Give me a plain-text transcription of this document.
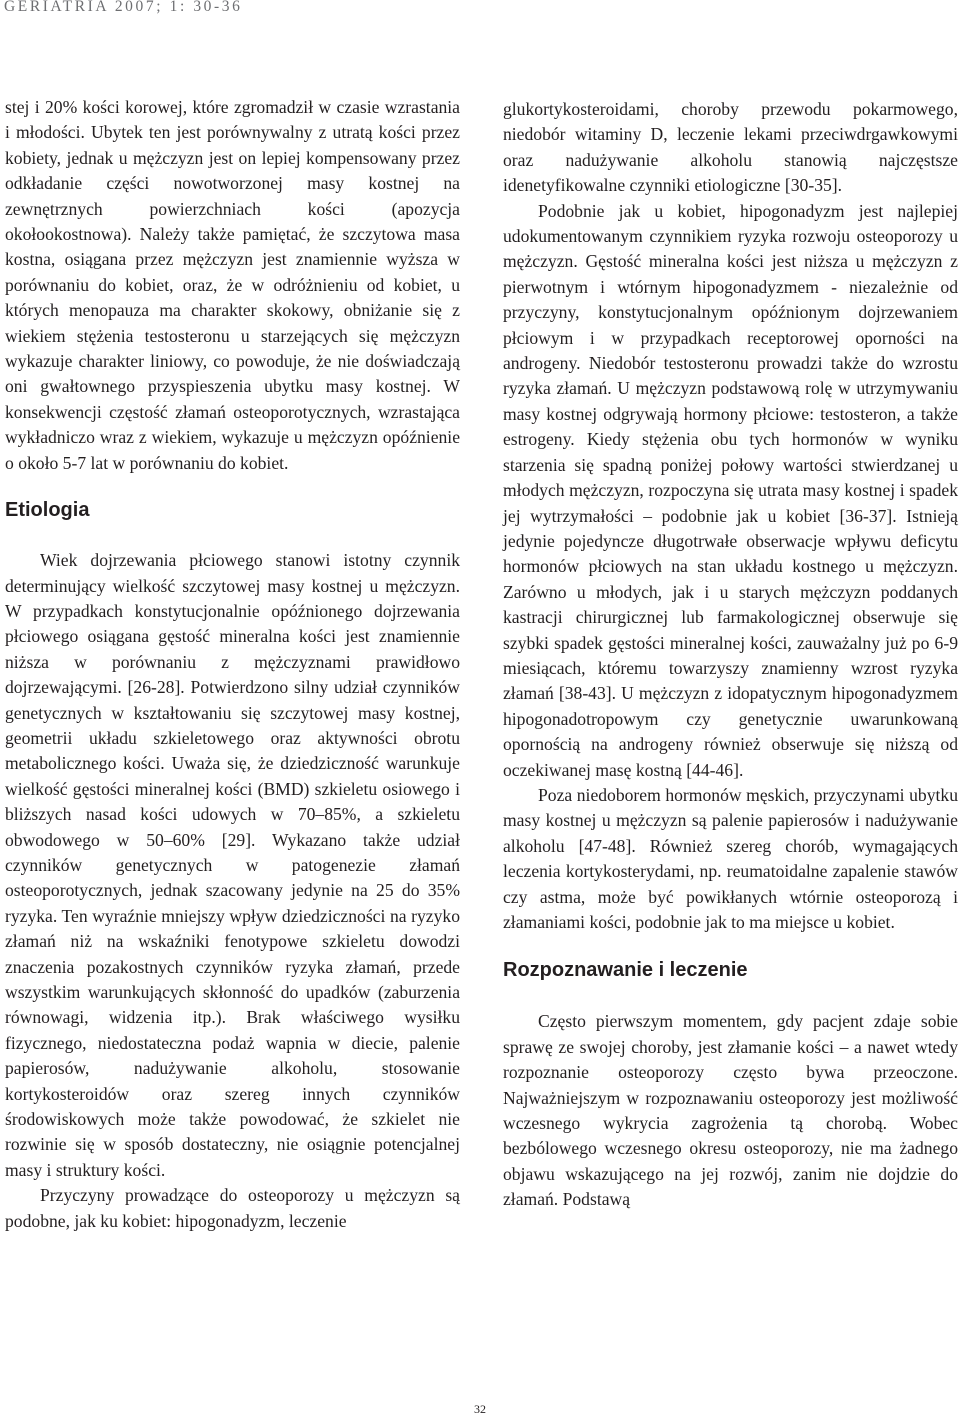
GERIATRIA 2007; 1: 30-36

stej i 20% kości korowej, które zgromadził w czasie wzrastania i młodości. Ubytek ten jest porównywalny z utratą kości przez kobiety, jednak u mężczyzn jest on lepiej kompensowany przez odkładanie części nowotworzonej masy kostnej na zewnętrznych powierzchniach kości (apozycja okołookostnowa). Należy także pamiętać, że szczytowa masa kostna, osiągana przez mężczyzn jest znamiennie wyższa w porównaniu do kobiet, oraz, że w odróżnieniu od kobiet, u których menopauza ma charakter skokowy, obniżanie się z wiekiem stężenia testosteronu u starzejących się mężczyzn wykazuje charakter liniowy, co powoduje, że nie doświadczają oni gwałtownego przyspieszenia ubytku masy kostnej. W konsekwencji częstość złamań osteoporotycznych, wzrastająca wykładniczo wraz z wiekiem, wykazuje u mężczyzn opóźnienie o około 5-7 lat w porównaniu do kobiet.

Etiologia

Wiek dojrzewania płciowego stanowi istotny czynnik determinujący wielkość szczytowej masy kostnej u mężczyzn. W przypadkach konstytucjonalnie opóźnionego dojrzewania płciowego osiągana gęstość mineralna kości jest znamiennie niższa w porównaniu z mężczyznami prawidłowo dojrzewającymi. [26-28]. Potwierdzono silny udział czynników genetycznych w kształtowaniu się szczytowej masy kostnej, geometrii układu szkieletowego oraz aktywności obrotu metabolicznego kości. Uważa się, że dziedziczność warunkuje wielkość gęstości mineralnej kości (BMD) szkieletu osiowego i bliższych nasad kości udowych w 70–85%, a szkieletu obwodowego w 50–60% [29]. Wykazano także udział czynników genetycznych w patogenezie złamań osteoporotycznych, jednak szacowany jedynie na 25 do 35% ryzyka. Ten wyraźnie mniejszy wpływ dziedziczności na ryzyko złamań niż na wskaźniki fenotypowe szkieletu dowodzi znaczenia pozakostnych czynników ryzyka złamań, przede wszystkim warunkujących skłonność do upadków (zaburzenia równowagi, widzenia itp.). Brak właściwego wysiłku fizycznego, niedostateczna podaż wapnia w diecie, palenie papierosów, nadużywanie alkoholu, stosowanie kortykosteroidów oraz szereg innych czynników środowiskowych może także powodować, że szkielet nie rozwinie się w sposób dostateczny, nie osiągnie potencjalnej masy i struktury kości.

Przyczyny prowadzące do osteoporozy u mężczyzn są podobne, jak ku kobiet: hipogonadyzm, leczenie

glukortykosteroidami, choroby przewodu pokarmowego, niedobór witaminy D, leczenie lekami przeciwdrgawkowymi oraz nadużywanie alkoholu stanowią najczęstsze idenetyfikowalne czynniki etiologiczne [30-35].

Podobnie jak u kobiet, hipogonadyzm jest najlepiej udokumentowanym czynnikiem ryzyka rozwoju osteoporozy u mężczyzn. Gęstość mineralna kości jest niższa u mężczyzn z pierwotnym i wtórnym hipogonadyzmem - niezależnie od przyczyny, konstytucjonalnym opóźnionym dojrzewaniem płciowym i w przypadkach receptorowej oporności na androgeny. Niedobór testosteronu prowadzi także do wzrostu ryzyka złamań. U mężczyzn podstawową rolę w utrzymywaniu masy kostnej odgrywają hormony płciowe: testosteron, a także estrogeny. Kiedy stężenia obu tych hormonów w wyniku starzenia się spadną poniżej połowy wartości stwierdzanej u młodych mężczyzn, rozpoczyna się utrata masy kostnej i spadek jej wytrzymałości – podobnie jak u kobiet [36-37]. Istnieją jedynie pojedyncze długotrwałe obserwacje wpływu deficytu hormonów płciowych na stan układu kostnego u mężczyzn. Zarówno u młodych, jak i u starych mężczyzn poddanych kastracji chirurgicznej lub farmakologicznej obserwuje się szybki spadek gęstości mineralnej kości, zauważalny już po 6-9 miesiącach, któremu towarzyszy znamienny wzrost ryzyka złamań [38-43]. U mężczyzn z idopatycznym hipogonadyzmem hipogonadotropowym czy genetycznie uwarunkowaną opornością na androgeny również obserwuje się niższą od oczekiwanej masę kostną [44-46].

Poza niedoborem hormonów męskich, przyczynami ubytku masy kostnej u mężczyzn są palenie papierosów i nadużywanie alkoholu [47-48]. Również szereg chorób, wymagających leczenia kortykosterydami, np. reumatoidalne zapalenie stawów czy astma, może być powikłanych wtórnie osteoporozą i złamaniami kości, podobnie jak to ma miejsce u kobiet.

Rozpoznawanie i leczenie

Często pierwszym momentem, gdy pacjent zdaje sobie sprawę ze swojej choroby, jest złamanie kości – a nawet wtedy rozpoznanie osteoporozy często bywa przeoczone. Najważniejszym w rozpoznawaniu osteoporozy jest możliwość wczesnego wykrycia zagrożenia tą chorobą. Wobec bezbólowego wczesnego okresu osteoporozy, nie ma żadnego objawu wskazującego na jej rozwój, zanim nie dojdzie do złamań. Podstawą

32
